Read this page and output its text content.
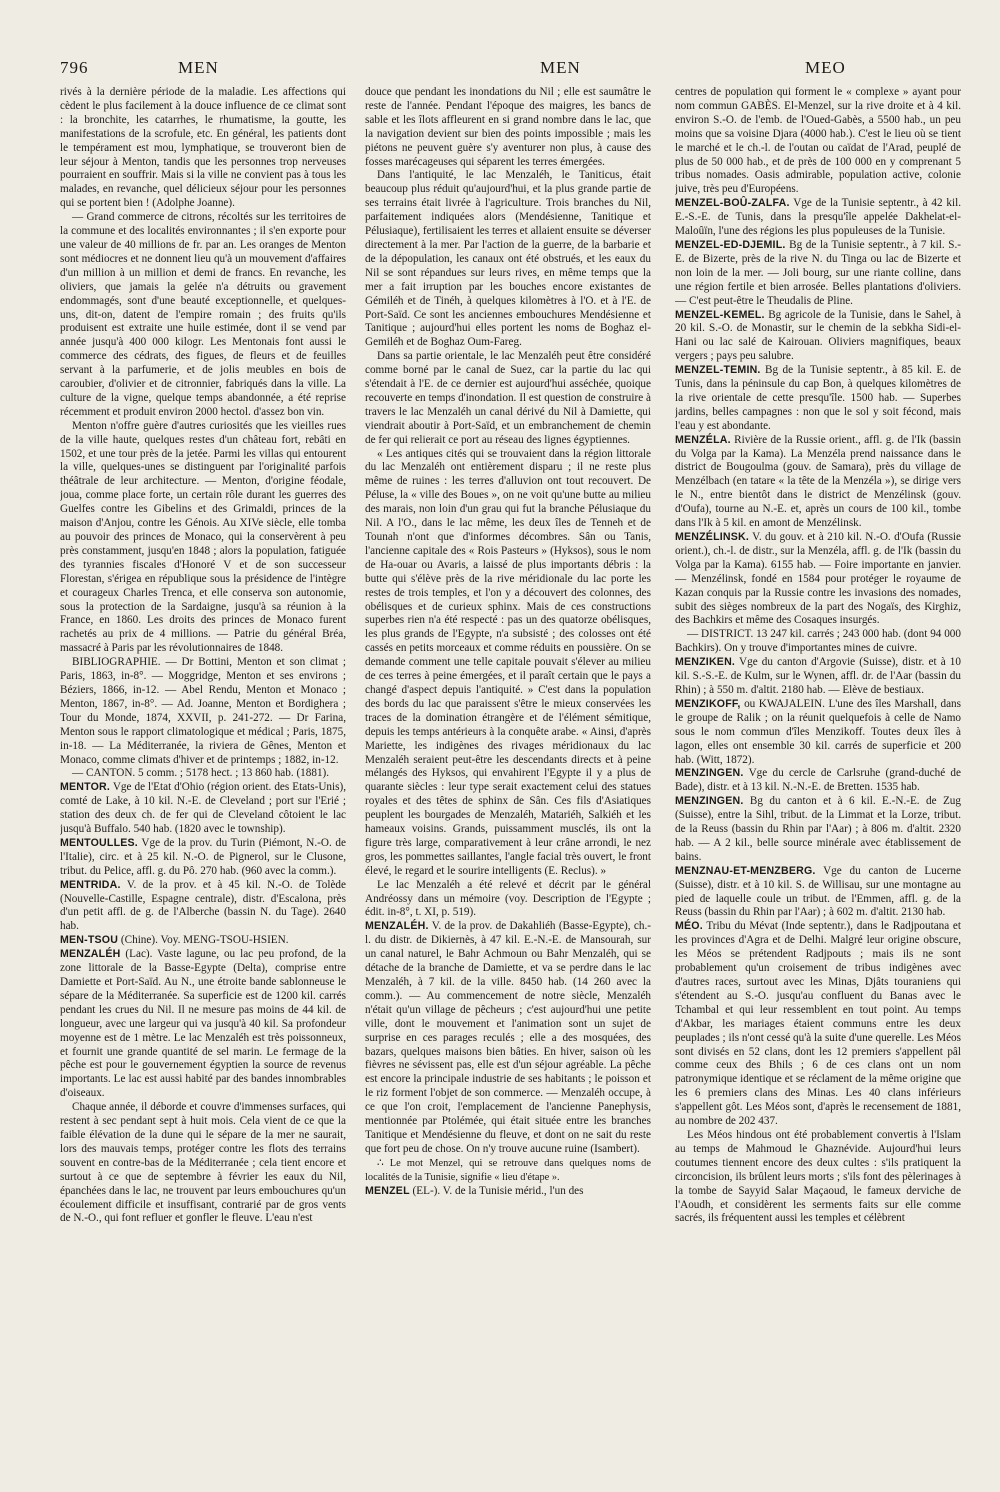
796	MEN	MEN	MEO

rivés à la dernière période de la maladie. Les affections qui cèdent le plus facilement à la douce influence de ce climat sont : la bronchite, les catarrhes, le rhumatisme, la goutte, les manifestations de la scrofule, etc. En général, les patients dont le tempérament est mou, lymphatique, se trouveront bien de leur séjour à Menton, tandis que les personnes trop nerveuses pourraient en souffrir. Mais si la ville ne convient pas à tous les malades, en revanche, quel délicieux séjour pour les personnes qui se portent bien ! (Adolphe Joanne).

— Grand commerce de citrons, récoltés sur les territoires de la commune et des localités environnantes ; il s'en exporte pour une valeur de 40 millions de fr. par an. Les oranges de Menton sont médiocres et ne donnent lieu qu'à un mouvement d'affaires d'un million à un million et demi de francs. En revanche, les oliviers, que jamais la gelée n'a détruits ou gravement endommagés, sont d'une beauté exceptionnelle, et quelques-uns, dit-on, datent de l'empire romain ; des fruits qu'ils produisent est extraite une huile estimée, dont il se vend par année jusqu'à 400 000 kilogr. Les Mentonais font aussi le commerce des cédrats, des figues, de fleurs et de feuilles servant à la parfumerie, et de jolis meubles en bois de caroubier, d'olivier et de citronnier, fabriqués dans la ville. La culture de la vigne, quelque temps abandonnée, a été reprise récemment et produit environ 2000 hectol. d'assez bon vin.

Menton n'offre guère d'autres curiosités que les vieilles rues de la ville haute, quelques restes d'un château fort, rebâti en 1502, et une tour près de la jetée. Parmi les villas qui entourent la ville, quelques-unes se distinguent par l'originalité parfois théâtrale de leur architecture. — Menton, d'origine féodale, joua, comme place forte, un certain rôle durant les guerres des Guelfes contre les Gibelins et des Grimaldi, princes de la maison d'Anjou, contre les Génois. Au XIVe siècle, elle tomba au pouvoir des princes de Monaco, qui la conservèrent à peu près constamment, jusqu'en 1848 ; alors la population, fatiguée des tyrannies fiscales d'Honoré V et de son successeur Florestan, s'érigea en république sous la présidence de l'intègre et courageux Charles Trenca, et elle conserva son autonomie, sous la protection de la Sardaigne, jusqu'à sa réunion à la France, en 1860. Les droits des princes de Monaco furent rachetés au prix de 4 millions. — Patrie du général Bréa, massacré à Paris par les révolutionnaires de 1848.

BIBLIOGRAPHIE. — Dr Bottini, Menton et son climat ; Paris, 1863, in-8°. — Moggridge, Menton et ses environs ; Béziers, 1866, in-12. — Abel Rendu, Menton et Monaco ; Menton, 1867, in-8°. — Ad. Joanne, Menton et Bordighera ; Tour du Monde, 1874, XXVII, p. 241-272. — Dr Farina, Menton sous le rapport climatologique et médical ; Paris, 1875, in-18. — La Méditerranée, la riviera de Gênes, Menton et Monaco, comme climats d'hiver et de printemps ; 1882, in-12.

— CANTON. 5 comm. ; 5178 hect. ; 13 860 hab. (1881).

MENTOR. Vge de l'Etat d'Ohio (région orient. des Etats-Unis), comté de Lake, à 10 kil. N.-E. de Cleveland ; port sur l'Erié ; station des deux ch. de fer qui de Cleveland côtoient le lac jusqu'à Buffalo. 540 hab. (1820 avec le township).

MENTOULLES. Vge de la prov. du Turin (Piémont, N.-O. de l'Italie), circ. et à 25 kil. N.-O. de Pignerol, sur le Clusone, tribut. du Pelice, affl. g. du Pô. 270 hab. (960 avec la comm.).

MENTRIDA. V. de la prov. et à 45 kil. N.-O. de Tolède (Nouvelle-Castille, Espagne centrale), distr. d'Escalona, près d'un petit affl. de g. de l'Alberche (bassin N. du Tage). 2640 hab.

MEN-TSOU (Chine). Voy. MENG-TSOU-HSIEN.

MENZALÉH (Lac). Vaste lagune, ou lac peu profond, de la zone littorale de la Basse-Egypte (Delta), comprise entre Damiette et Port-Saïd. Au N., une étroite bande sablonneuse le sépare de la Méditerranée. Sa superficie est de 1200 kil. carrés pendant les crues du Nil. Il ne mesure pas moins de 44 kil. de longueur, avec une largeur qui va jusqu'à 40 kil. Sa profondeur moyenne est de 1 mètre. Le lac Menzaléh est très poissonneux, et fournit une grande quantité de sel marin. Le fermage de la pêche est pour le gouvernement égyptien la source de revenus importants. Le lac est aussi habité par des bandes innombrables d'oiseaux.

Chaque année, il déborde et couvre d'immenses surfaces, qui restent à sec pendant sept à huit mois. Cela vient de ce que la faible élévation de la dune qui le sépare de la mer ne saurait, lors des mauvais temps, protéger contre les flots des terrains souvent en contre-bas de la Méditerranée ; cela tient encore et surtout à ce que de septembre à février les eaux du Nil, épanchées dans le lac, ne trouvent par leurs embouchures qu'un écoulement difficile et insuffisant, contrarié par de gros vents de N.-O., qui font refluer et gonfler le fleuve. L'eau n'est

douce que pendant les inondations du Nil ; elle est saumâtre le reste de l'année. Pendant l'époque des maigres, les bancs de sable et les îlots affleurent en si grand nombre dans le lac, que la navigation devient sur bien des points impossible ; mais les piétons ne peuvent guère s'y aventurer non plus, à cause des fosses marécageuses qui séparent les terres émergées.

Dans l'antiquité, le lac Menzaléh, le Taniticus, était beaucoup plus réduit qu'aujourd'hui, et la plus grande partie de ses terrains était livrée à l'agriculture. Trois branches du Nil, parfaitement indiquées alors (Mendésienne, Tanitique et Pélusiaque), fertilisaient les terres et allaient ensuite se déverser directement à la mer. Par l'action de la guerre, de la barbarie et de la dépopulation, les canaux ont été obstrués, et les eaux du Nil se sont répandues sur leurs rives, en même temps que la mer a fait irruption par les bouches encore existantes de Gémiléh et de Tinéh, à quelques kilomètres à l'O. et à l'E. de Port-Saïd. Ce sont les anciennes embouchures Mendésienne et Tanitique ; aujourd'hui elles portent les noms de Boghaz el-Gemiléh et de Boghaz Oum-Fareg.

Dans sa partie orientale, le lac Menzaléh peut être considéré comme borné par le canal de Suez, car la partie du lac qui s'étendait à l'E. de ce dernier est aujourd'hui asséchée, quoique recouverte en temps d'inondation. Il est question de construire à travers le lac Menzaléh un canal dérivé du Nil à Damiette, qui viendrait aboutir à Port-Saïd, et un embranchement de chemin de fer qui relierait ce port au réseau des lignes égyptiennes.

« Les antiques cités qui se trouvaient dans la région littorale du lac Menzaléh ont entièrement disparu ; il ne reste plus même de ruines : les terres d'alluvion ont tout recouvert. De Péluse, la « ville des Boues », on ne voit qu'une butte au milieu des marais, non loin d'un grau qui fut la branche Pélusiaque du Nil. A l'O., dans le lac même, les deux îles de Tenneh et de Tounah n'ont que d'informes décombres. Sân ou Tanis, l'ancienne capitale des « Rois Pasteurs » (Hyksos), sous le nom de Ha-ouar ou Avaris, a laissé de plus importants débris : la butte qui s'élève près de la rive méridionale du lac porte les restes de trois temples, et l'on y a découvert des colonnes, des obélisques et de curieux sphinx. Mais de ces constructions superbes rien n'a été respecté : pas un des quatorze obélisques, les plus grands de l'Egypte, n'a subsisté ; des colosses ont été cassés en petits morceaux et comme réduits en poussière. On se demande comment une telle capitale pouvait s'élever au milieu de ces terres à peine émergées, et il paraît certain que le pays a changé d'aspect depuis l'antiquité. » C'est dans la population des bords du lac que paraissent s'être le mieux conservées les traces de la domination étrangère et de l'élément sémitique, depuis les temps antérieurs à la conquête arabe. « Ainsi, d'après Mariette, les indigènes des rivages méridionaux du lac Menzaléh seraient peut-être les descendants directs et à peine mélangés des Hyksos, qui envahirent l'Egypte il y a plus de quarante siècles : leur type serait exactement celui des statues royales et des têtes de sphinx de Sân. Ces fils d'Asiatiques peuplent les bourgades de Menzaléh, Matariéh, Salkiéh et les hameaux voisins. Grands, puissamment musclés, ils ont la figure très large, comparativement à leur crâne arrondi, le nez gros, les pommettes saillantes, l'angle facial très ouvert, le front élevé, le regard et le sourire intelligents (E. Reclus). »

Le lac Menzaléh a été relevé et décrit par le général Andréossy dans un mémoire (voy. Description de l'Egypte ; édit. in-8°, t. XI, p. 519).

MENZALÉH. V. de la prov. de Dakahliéh (Basse-Egypte), ch.-l. du distr. de Dikiernès, à 47 kil. E.-N.-E. de Mansourah, sur un canal naturel, le Bahr Achmoun ou Bahr Menzaléh, qui se détache de la branche de Damiette, et va se perdre dans le lac Menzaléh, à 7 kil. de la ville. 8450 hab. (14 260 avec la comm.). — Au commencement de notre siècle, Menzaléh n'était qu'un village de pêcheurs ; c'est aujourd'hui une petite ville, dont le mouvement et l'animation sont un sujet de surprise en ces parages reculés ; elle a des mosquées, des bazars, quelques maisons bien bâties. En hiver, saison où les fièvres ne sévissent pas, elle est d'un séjour agréable. La pêche est encore la principale industrie de ses habitants ; le poisson et le riz forment l'objet de son commerce. — Menzaléh occupe, à ce que l'on croit, l'emplacement de l'ancienne Panephysis, mentionnée par Ptolémée, qui était située entre les branches Tanitique et Mendésienne du fleuve, et dont on ne sait du reste que fort peu de chose. On n'y trouve aucune ruine (Isambert).

∴ Le mot Menzel, qui se retrouve dans quelques noms de localités de la Tunisie, signifie « lieu d'étape ».

MENZEL (EL-). V. de la Tunisie mérid., l'un des

centres de population qui forment le « complexe » ayant pour nom commun GABÈS. El-Menzel, sur la rive droite et à 4 kil. environ S.-O. de l'emb. de l'Oued-Gabès, a 5500 hab., un peu moins que sa voisine Djara (4000 hab.). C'est le lieu où se tient le marché et le ch.-l. de l'outan ou caïdat de l'Arad, peuplé de plus de 50 000 hab., et de près de 100 000 en y comprenant 5 tribus nomades. Oasis admirable, population active, colonie juive, très peu d'Européens.

MENZEL-BOÛ-ZALFA. Vge de la Tunisie septentr., à 42 kil. E.-S.-E. de Tunis, dans la presqu'île appelée Dakhelat-el-Maloûïn, l'une des régions les plus populeuses de la Tunisie.

MENZEL-ED-DJEMIL. Bg de la Tunisie septentr., à 7 kil. S.-E. de Bizerte, près de la rive N. du Tinga ou lac de Bizerte et non loin de la mer. — Joli bourg, sur une riante colline, dans une région fertile et bien arrosée. Belles plantations d'oliviers. — C'est peut-être le Theudalis de Pline.

MENZEL-KEMEL. Bg agricole de la Tunisie, dans le Sahel, à 20 kil. S.-O. de Monastir, sur le chemin de la sebkha Sidi-el-Hani ou lac salé de Kairouan. Oliviers magnifiques, beaux vergers ; pays peu salubre.

MENZEL-TEMIN. Bg de la Tunisie septentr., à 85 kil. E. de Tunis, dans la péninsule du cap Bon, à quelques kilomètres de la rive orientale de cette presqu'île. 1500 hab. — Superbes jardins, belles campagnes : non que le sol y soit fécond, mais l'eau y est abondante.

MENZÉLA. Rivière de la Russie orient., affl. g. de l'Ik (bassin du Volga par la Kama). La Menzéla prend naissance dans le district de Bougoulma (gouv. de Samara), près du village de Menzélbach (en tatare « la tête de la Menzéla »), se dirige vers le N., entre bientôt dans le district de Menzélinsk (gouv. d'Oufa), tourne au N.-E. et, après un cours de 100 kil., tombe dans l'Ik à 5 kil. en amont de Menzélinsk.

MENZÉLINSK. V. du gouv. et à 210 kil. N.-O. d'Oufa (Russie orient.), ch.-l. de distr., sur la Menzéla, affl. g. de l'Ik (bassin du Volga par la Kama). 6155 hab. — Foire importante en janvier. — Menzélinsk, fondé en 1584 pour protéger le royaume de Kazan conquis par la Russie contre les invasions des nomades, subit des sièges nombreux de la part des Nogaïs, des Kirghiz, des Bachkirs et même des Cosaques insurgés.

— DISTRICT. 13 247 kil. carrés ; 243 000 hab. (dont 94 000 Bachkirs). On y trouve d'importantes mines de cuivre.

MENZIKEN. Vge du canton d'Argovie (Suisse), distr. et à 10 kil. S.-S.-E. de Kulm, sur le Wynen, affl. dr. de l'Aar (bassin du Rhin) ; à 550 m. d'altit. 2180 hab. — Elève de bestiaux.

MENZIKOFF, ou KWAJALEIN. L'une des îles Marshall, dans le groupe de Ralik ; on la réunit quelquefois à celle de Namo sous le nom commun d'îles Menzikoff. Toutes deux îles à lagon, elles ont ensemble 30 kil. carrés de superficie et 200 hab. (Witt, 1872).

MENZINGEN. Vge du cercle de Carlsruhe (grand-duché de Bade), distr. et à 13 kil. N.-N.-E. de Bretten. 1535 hab.

MENZINGEN. Bg du canton et à 6 kil. E.-N.-E. de Zug (Suisse), entre la Sihl, tribut. de la Limmat et la Lorze, tribut. de la Reuss (bassin du Rhin par l'Aar) ; à 806 m. d'altit. 2320 hab. — A 2 kil., belle source minérale avec établissement de bains.

MENZNAU-ET-MENZBERG. Vge du canton de Lucerne (Suisse), distr. et à 10 kil. S. de Willisau, sur une montagne au pied de laquelle coule un tribut. de l'Emmen, affl. g. de la Reuss (bassin du Rhin par l'Aar) ; à 602 m. d'altit. 2130 hab.

MÉO. Tribu du Mévat (Inde septentr.), dans le Radjpoutana et les provinces d'Agra et de Delhi. Malgré leur origine obscure, les Méos se prétendent Radjpouts ; mais ils ne sont probablement qu'un croisement de tribus indigènes avec d'autres races, surtout avec les Minas, Djâts touraniens qui s'étendent au S.-O. jusqu'au confluent du Banas avec le Tchambal et qui leur ressemblent en tout point. Au temps d'Akbar, les mariages étaient communs entre les deux peuplades ; ils n'ont cessé qu'à la suite d'une querelle. Les Méos sont divisés en 52 clans, dont les 12 premiers s'appellent pâl comme ceux des Bhils ; 6 de ces clans ont un nom patronymique identique et se réclament de la même origine que les 6 premiers clans des Minas. Les 40 clans inférieurs s'appellent gôt. Les Méos sont, d'après le recensement de 1881, au nombre de 202 437.

Les Méos hindous ont été probablement convertis à l'Islam au temps de Mahmoud le Ghaznévide. Aujourd'hui leurs coutumes tiennent encore des deux cultes : s'ils pratiquent la circoncision, ils brûlent leurs morts ; s'ils font des pèlerinages à la tombe de Sayyid Salar Maçaoud, le fameux derviche de l'Aoudh, et considèrent les serments faits sur elle comme sacrés, ils fréquentent aussi les temples et célèbrent
